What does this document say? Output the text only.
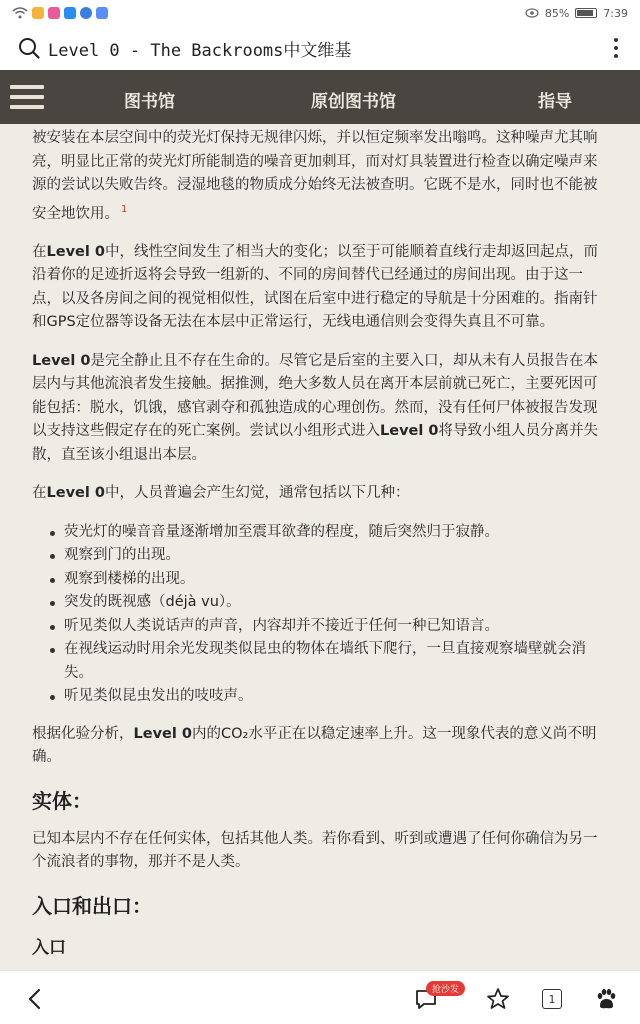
85%	7:39
Level 0 - The Backrooms中文维基
图书馆	原创图书馆	指导

被安装在本层空间中的荧光灯保持无规律闪烁，并以恒定频率发出嗡鸣。这种噪声尤其响亮，明显比正常的荧光灯所能制造的噪音更加刺耳，而对灯具装置进行检查以确定噪声来源的尝试以失败告终。浸湿地毯的物质成分始终无法被查明。它既不是水，同时也不能被安全地饮用。 $^1$

在Level 0中，线性空间发生了相当大的变化；以至于可能顺着直线行走却返回起点，而沿着你的足迹折返将会导致一组新的、不同的房间替代已经通过的房间出现。由于这一点，以及各房间之间的视觉相似性，试图在后室中进行稳定的导航是十分困难的。指南针和GPS定位器等设备无法在本层中正常运行，无线电通信则会变得失真且不可靠。

Level 0是完全静止且不存在生命的。尽管它是后室的主要入口，却从未有人员报告在本层内与其他流浪者发生接触。据推测，绝大多数人员在离开本层前就已死亡，主要死因可能包括：脱水，饥饿，感官剥夺和孤独造成的心理创伤。然而，没有任何尸体被报告发现以支持这些假定存在的死亡案例。尝试以小组形式进入Level 0将导致小组人员分离并失散，直至该小组退出本层。

在Level 0中，人员普遍会产生幻觉，通常包括以下几种：

荧光灯的噪音音量逐渐增加至震耳欲聋的程度，随后突然归于寂静。
观察到门的出现。
观察到楼梯的出现。
突发的既视感（déjà vu）。
听见类似人类说话声的声音，内容却并不接近于任何一种已知语言。
在视线运动时用余光发现类似昆虫的物体在墙纸下爬行，一旦直接观察墙壁就会消失。
听见类似昆虫发出的吱吱声。

根据化验分析，Level 0内的CO₂水平正在以稳定速率上升。这一现象代表的意义尚不明确。

实体：

已知本层内不存在任何实体，包括其他人类。若你看到、听到或遭遇了任何你确信为另一个流浪者的事物，那并不是人类。

入口和出口：
入口
抢沙发
1
